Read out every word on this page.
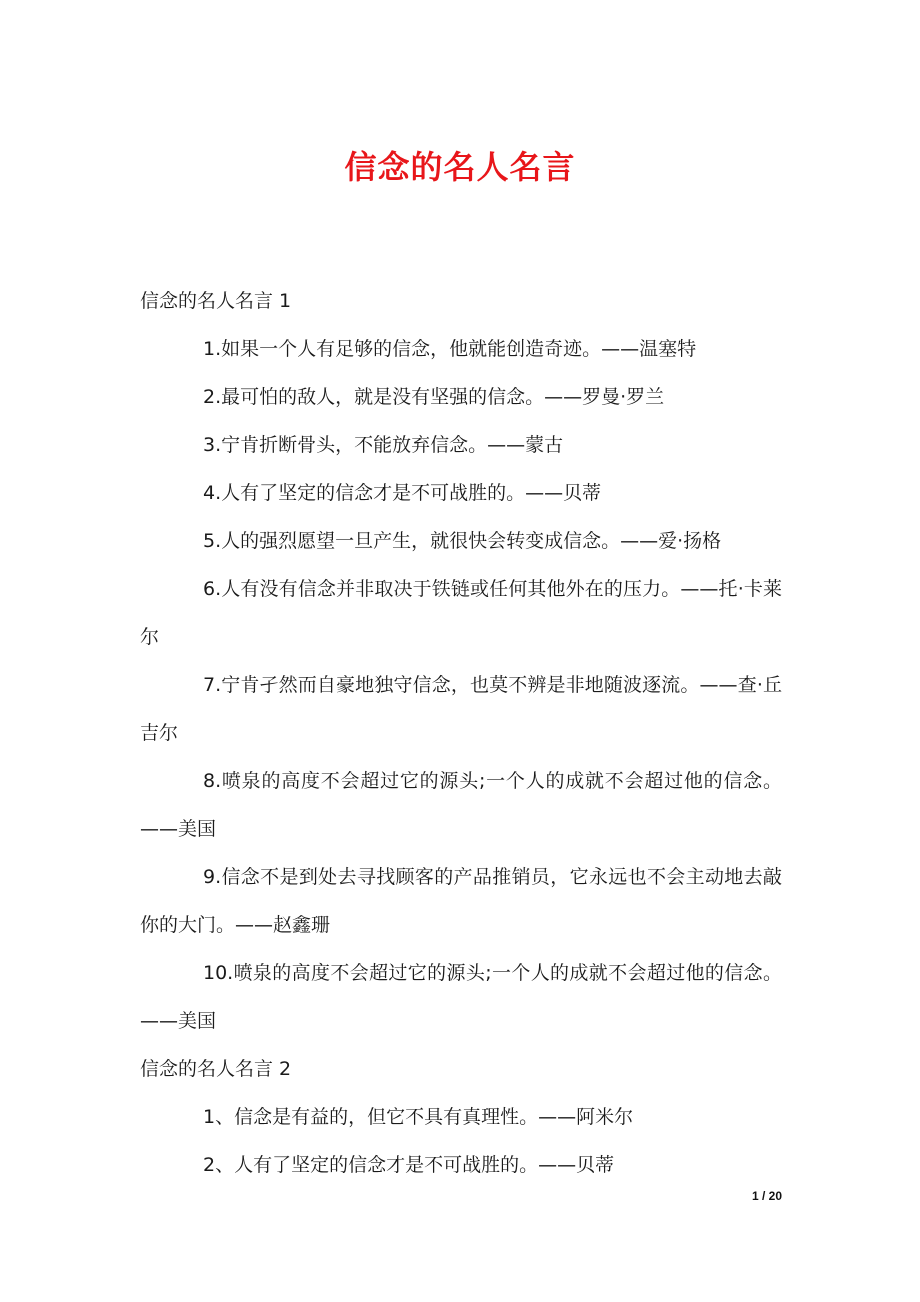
信念的名人名言

信念的名人名言 1

1.如果一个人有足够的信念，他就能创造奇迹。——温塞特

2.最可怕的敌人，就是没有坚强的信念。——罗曼·罗兰

3.宁肯折断骨头，不能放弃信念。——蒙古

4.人有了坚定的信念才是不可战胜的。——贝蒂

5.人的强烈愿望一旦产生，就很快会转变成信念。——爱·扬格

6.人有没有信念并非取决于铁链或任何其他外在的压力。——托·卡莱尔

7.宁肯孑然而自豪地独守信念，也莫不辨是非地随波逐流。——查·丘吉尔

8.喷泉的高度不会超过它的源头;一个人的成就不会超过他的信念。——美国

9.信念不是到处去寻找顾客的产品推销员，它永远也不会主动地去敲你的大门。——赵鑫珊

10.喷泉的高度不会超过它的源头;一个人的成就不会超过他的信念。——美国

信念的名人名言 2

1、信念是有益的，但它不具有真理性。——阿米尔

2、人有了坚定的信念才是不可战胜的。——贝蒂

1 / 20
